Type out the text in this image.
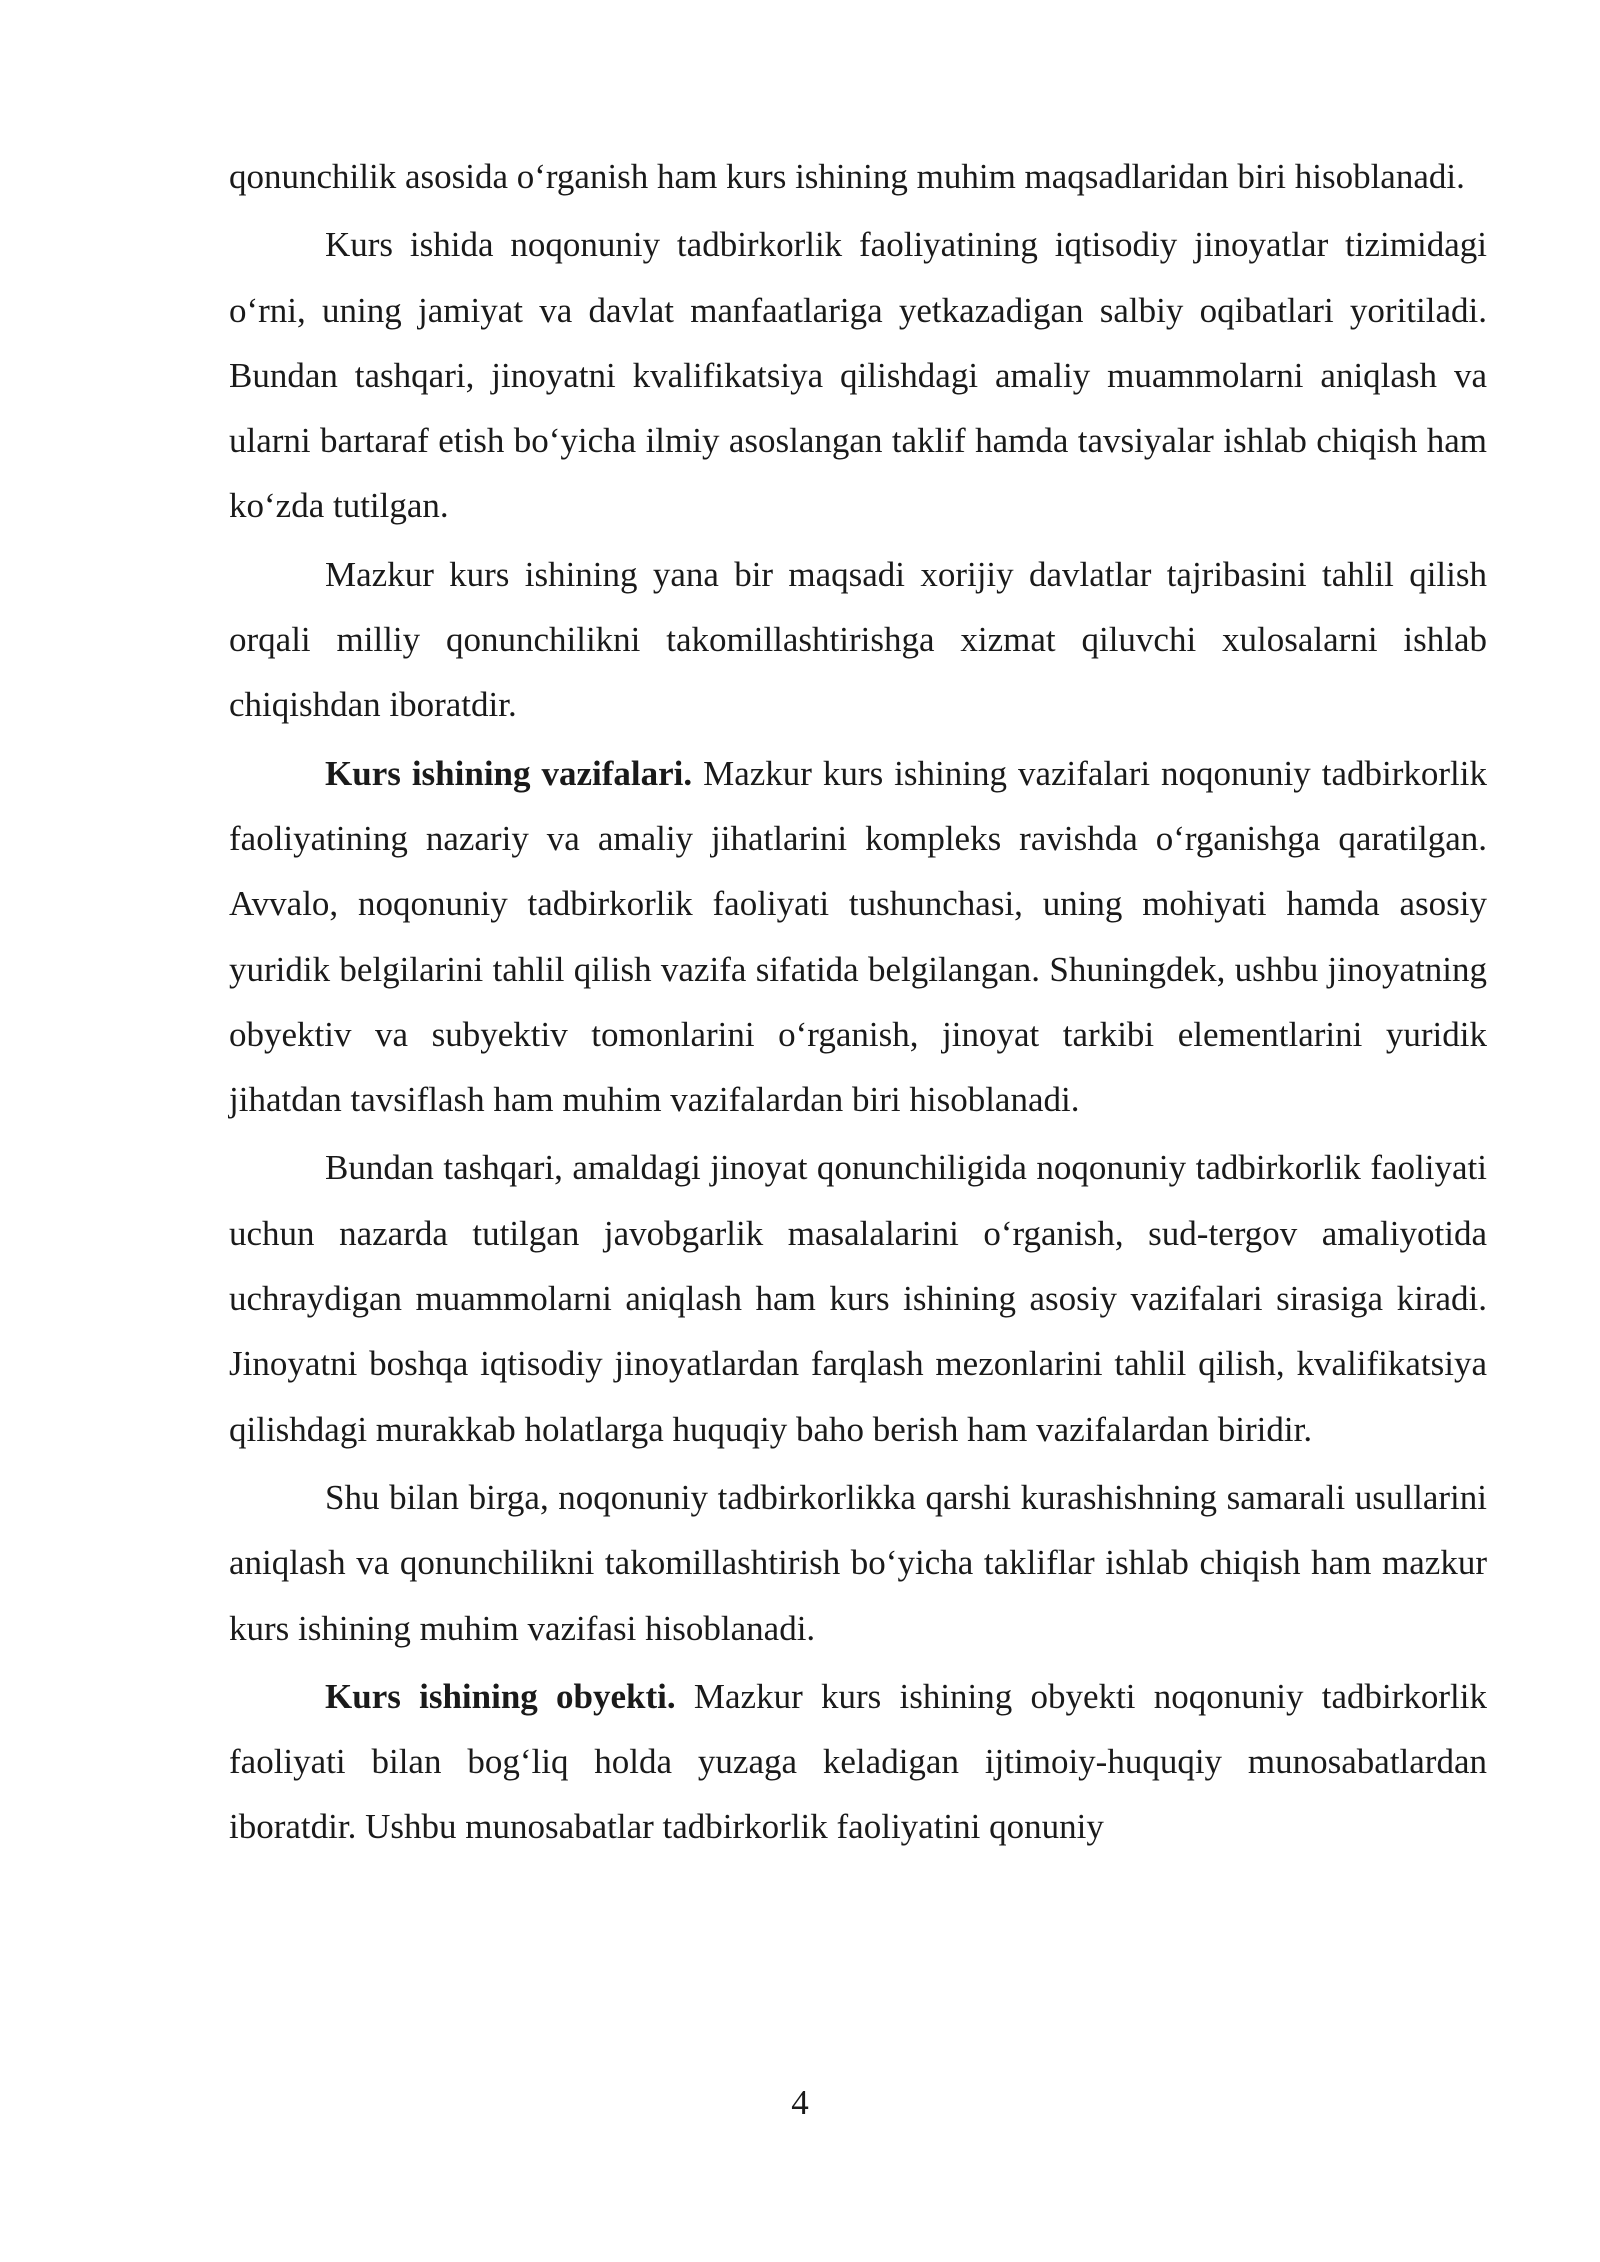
qonunchilik asosida o‘rganish ham kurs ishining muhim maqsadlaridan biri hisoblanadi.

Kurs ishida noqonuniy tadbirkorlik faoliyatining iqtisodiy jinoyatlar tizimidagi o‘rni, uning jamiyat va davlat manfaatlariga yetkazadigan salbiy oqibatlari yoritiladi. Bundan tashqari, jinoyatni kvalifikatsiya qilishdagi amaliy muammolarni aniqlash va ularni bartaraf etish bo‘yicha ilmiy asoslangan taklif hamda tavsiyalar ishlab chiqish ham ko‘zda tutilgan.

Mazkur kurs ishining yana bir maqsadi xorijiy davlatlar tajribasini tahlil qilish orqali milliy qonunchilikni takomillashtirishga xizmat qiluvchi xulosalarni ishlab chiqishdan iboratdir.

Kurs ishining vazifalari. Mazkur kurs ishining vazifalari noqonuniy tadbirkorlik faoliyatining nazariy va amaliy jihatlarini kompleks ravishda o‘rganishga qaratilgan. Avvalo, noqonuniy tadbirkorlik faoliyati tushunchasi, uning mohiyati hamda asosiy yuridik belgilarini tahlil qilish vazifa sifatida belgilangan. Shuningdek, ushbu jinoyatning obyektiv va subyektiv tomonlarini o‘rganish, jinoyat tarkibi elementlarini yuridik jihatdan tavsiflash ham muhim vazifalardan biri hisoblanadi.

Bundan tashqari, amaldagi jinoyat qonunchiligida noqonuniy tadbirkorlik faoliyati uchun nazarda tutilgan javobgarlik masalalarini o‘rganish, sud-tergov amaliyotida uchraydigan muammolarni aniqlash ham kurs ishining asosiy vazifalari sirasiga kiradi. Jinoyatni boshqa iqtisodiy jinoyatlardan farqlash mezonlarini tahlil qilish, kvalifikatsiya qilishdagi murakkab holatlarga huquqiy baho berish ham vazifalardan biridir.

Shu bilan birga, noqonuniy tadbirkorlikka qarshi kurashishning samarali usullarini aniqlash va qonunchilikni takomillashtirish bo‘yicha takliflar ishlab chiqish ham mazkur kurs ishining muhim vazifasi hisoblanadi.

Kurs ishining obyekti. Mazkur kurs ishining obyekti noqonuniy tadbirkorlik faoliyati bilan bog‘liq holda yuzaga keladigan ijtimoiy-huquqiy munosabatlardan iboratdir. Ushbu munosabatlar tadbirkorlik faoliyatini qonuniy

4
